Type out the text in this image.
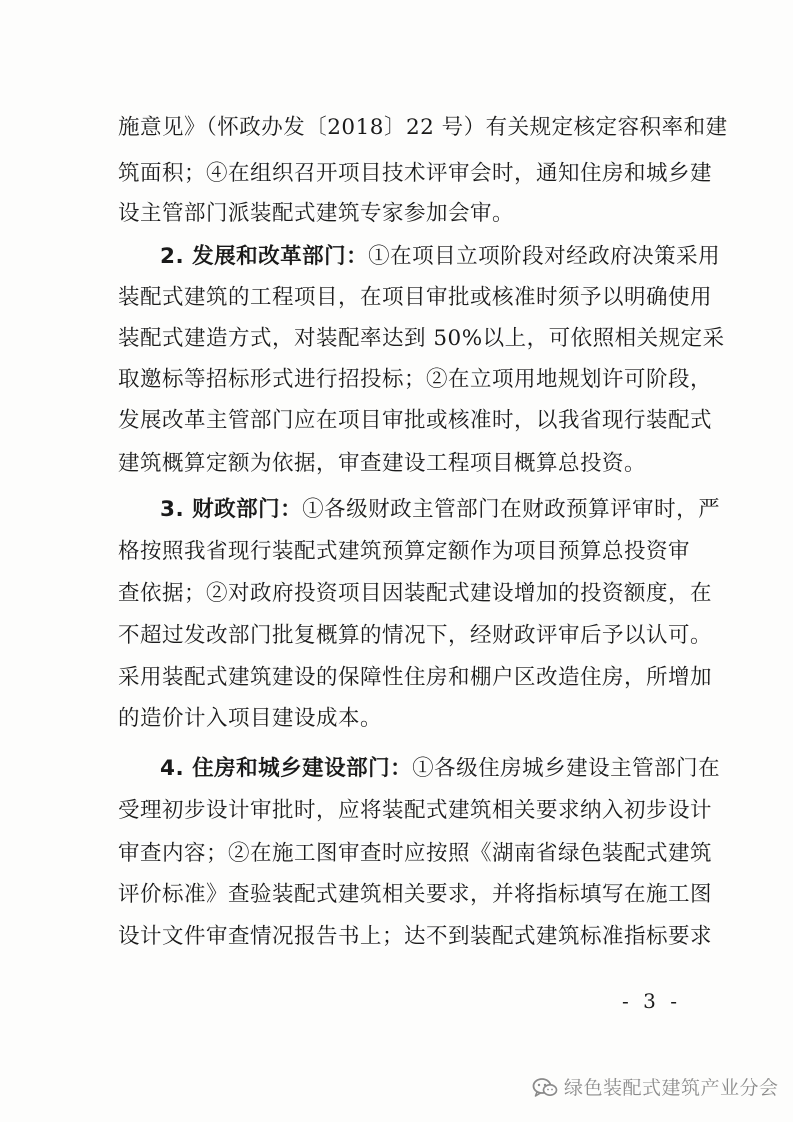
施意见》（怀政办发〔2018〕22 号）有关规定核定容积率和建
筑面积；④在组织召开项目技术评审会时，通知住房和城乡建
设主管部门派装配式建筑专家参加会审。
2. 发展和改革部门：①在项目立项阶段对经政府决策采用
装配式建筑的工程项目，在项目审批或核准时须予以明确使用
装配式建造方式，对装配率达到 50%以上，可依照相关规定采
取邀标等招标形式进行招投标；②在立项用地规划许可阶段，
发展改革主管部门应在项目审批或核准时，以我省现行装配式
建筑概算定额为依据，审查建设工程项目概算总投资。
3. 财政部门：①各级财政主管部门在财政预算评审时，严
格按照我省现行装配式建筑预算定额作为项目预算总投资审
查依据；②对政府投资项目因装配式建设增加的投资额度，在
不超过发改部门批复概算的情况下，经财政评审后予以认可。
采用装配式建筑建设的保障性住房和棚户区改造住房，所增加
的造价计入项目建设成本。
4. 住房和城乡建设部门：①各级住房城乡建设主管部门在
受理初步设计审批时，应将装配式建筑相关要求纳入初步设计
审查内容；②在施工图审查时应按照《湖南省绿色装配式建筑
评价标准》查验装配式建筑相关要求，并将指标填写在施工图
设计文件审查情况报告书上；达不到装配式建筑标准指标要求
- 3 -
绿色装配式建筑产业分会
